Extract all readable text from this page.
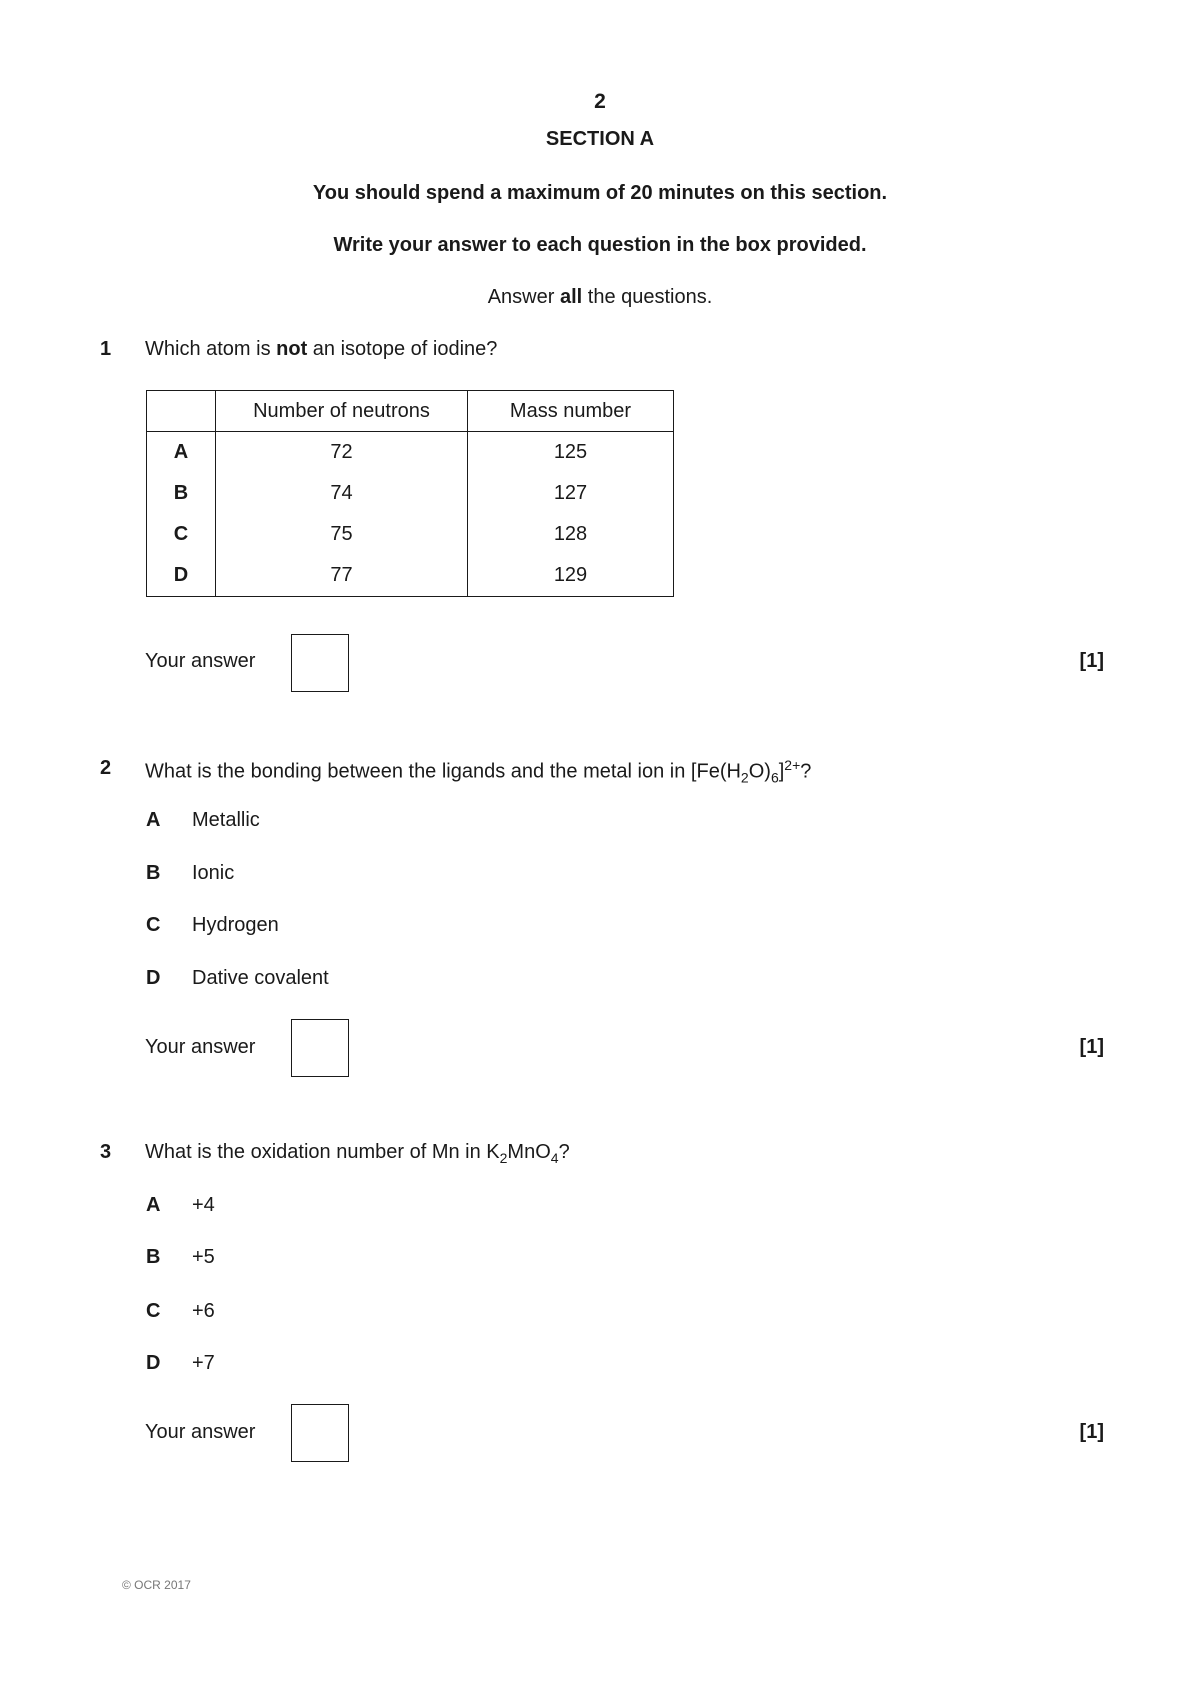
2
SECTION A
You should spend a maximum of 20 minutes on this section.
Write your answer to each question in the box provided.
Answer all the questions.
1 Which atom is not an isotope of iodine?
	Number of neutrons	Mass number
A	72	125
B	74	127
C	75	128
D	77	129
Your answer	[1]
2 What is the bonding between the ligands and the metal ion in $[Fe(H_2O)_6]^{2+}$?
A Metallic
B Ionic
C Hydrogen
D Dative covalent
Your answer	[1]
3 What is the oxidation number of Mn in $K_2MnO_4$?
A +4
B +5
C +6
D +7
Your answer	[1]
© OCR 2017
